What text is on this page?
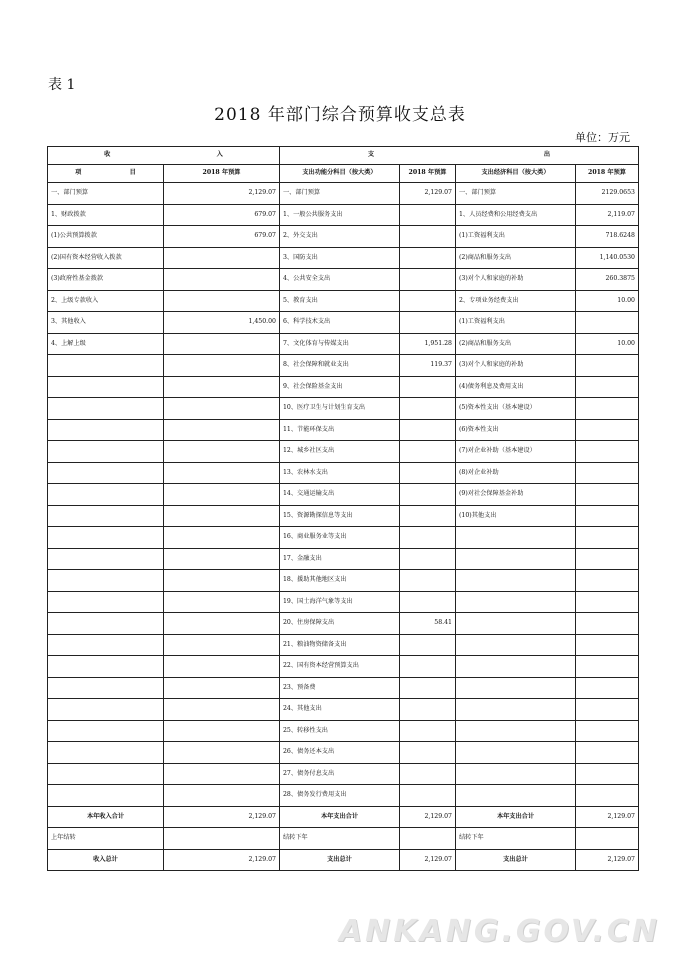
表 1
2018 年部门综合预算收支总表
单位：万元
收 入		支 出			

项 目	2018 年预算	支出功能分科目（按大类）	2018 年预算	支出经济科目（按大类）	2018 年预算
一、部门预算	2,129.07	一、部门预算	2,129.07	一、部门预算	2129.0653
1、财政拨款	679.07	1、一般公共服务支出		1、人员经费和公用经费支出	2,119.07
(1)公共预算拨款	679.07	2、外交支出		(1)工资福利支出	718.6248
(2)国有资本经营收入拨款		3、国防支出		(2)商品和服务支出	1,140.0530
(3)政府性基金拨款		4、公共安全支出		(3)对个人和家庭的补助	260.3875
2、上级专款收入		5、教育支出		2、专项业务经费支出	10.00
3、其他收入	1,450.00	6、科学技术支出		(1)工资福利支出	
4、上解上级		7、文化体育与传媒支出	1,951.28	(2)商品和服务支出	10.00
		8、社会保障和就业支出	119.37	(3)对个人和家庭的补助	
		9、社会保险基金支出		(4)债务利息及费用支出	
		10、医疗卫生与计划生育支出		(5)资本性支出（基本建设）	
		11、节能环保支出		(6)资本性支出	
		12、城乡社区支出		(7)对企业补助（基本建设）	
		13、农林水支出		(8)对企业补助	
		14、交通运输支出		(9)对社会保障基金补助	
		15、资源勘探信息等支出		(10)其他支出	
		16、商业服务业等支出			
		17、金融支出			
		18、援助其他地区支出			
		19、国土海洋气象等支出			
		20、住房保障支出	58.41		
		21、粮油物资储备支出			
		22、国有资本经营预算支出			
		23、预备费			
		24、其他支出			
		25、转移性支出			
		26、债务还本支出			
		27、债务付息支出			
		28、债务发行费用支出			
本年收入合计	2,129.07	本年支出合计	2,129.07	本年支出合计	2,129.07
上年结转		结转下年		结转下年	
收入总计	2,129.07	支出总计	2,129.07	支出总计	2,129.07
ANKANG.GOV.CN
